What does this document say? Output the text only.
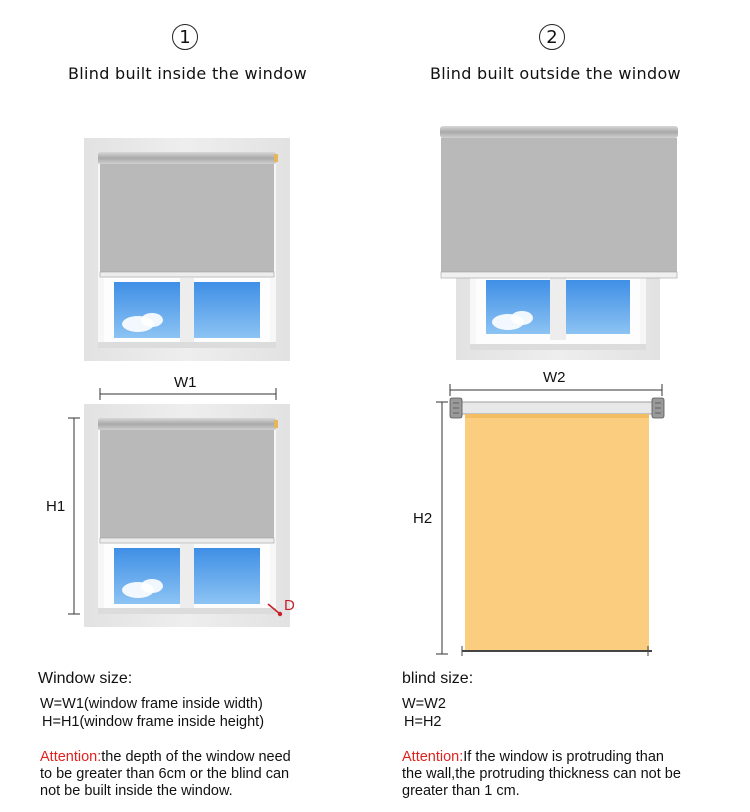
1
Blind built inside the window
2
Blind built outside the window
W1
H1
D
W2
H2
Window size:
W=W1(window frame inside width)
H=H1(window frame inside height)
Attention:the depth of the window need
to be greater than 6cm or the blind can
not be built inside the window.
blind size:
W=W2
H=H2
Attention:If the window is protruding than
the wall,the protruding thickness can not be
greater than 1 cm.
